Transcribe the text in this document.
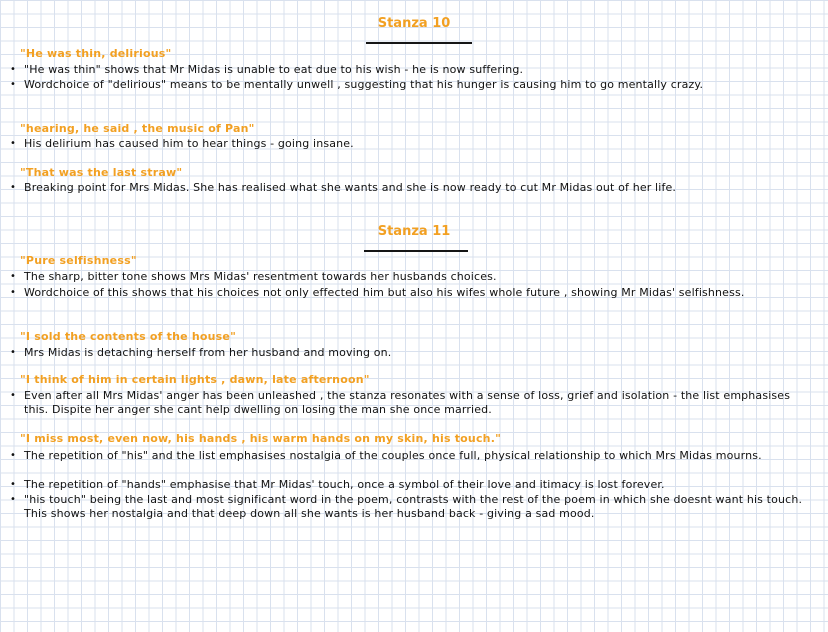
Stanza 10
"He was thin, delirious"
• "He was thin" shows that Mr Midas is unable to eat due to his wish - he is now suffering.
• Wordchoice of "delirious" means to be mentally unwell , suggesting that his hunger is causing him to go mentally crazy.
"hearing, he said , the music of Pan"
• His delirium has caused him to hear things - going insane.
"That was the last straw"
• Breaking point for Mrs Midas. She has realised what she wants and she is now ready to cut Mr Midas out of her life.
Stanza 11
"Pure selfishness"
• The sharp, bitter tone shows Mrs Midas' resentment towards her husbands choices.
• Wordchoice of this shows that his choices not only effected him but also his wifes whole future , showing Mr Midas' selfishness.
"I sold the contents of the house"
• Mrs Midas is detaching herself from her husband and moving on.
"I think of him in certain lights , dawn, late afternoon"
• Even after all Mrs Midas' anger has been unleashed , the stanza resonates with a sense of loss, grief and isolation - the list emphasises this. Dispite her anger she cant help dwelling on losing the man she once married.
"I miss most, even now, his hands , his warm hands on my skin, his touch."
• The repetition of "his" and the list emphasises nostalgia of the couples once full, physical relationship to which Mrs Midas mourns.
• The repetition of "hands" emphasise that Mr Midas' touch, once a symbol of their love and itimacy is lost forever.
• "his touch" being the last and most significant word in the poem, contrasts with the rest of the poem in which she doesnt want his touch. This shows her nostalgia and that deep down all she wants is her husband back - giving a sad mood.
